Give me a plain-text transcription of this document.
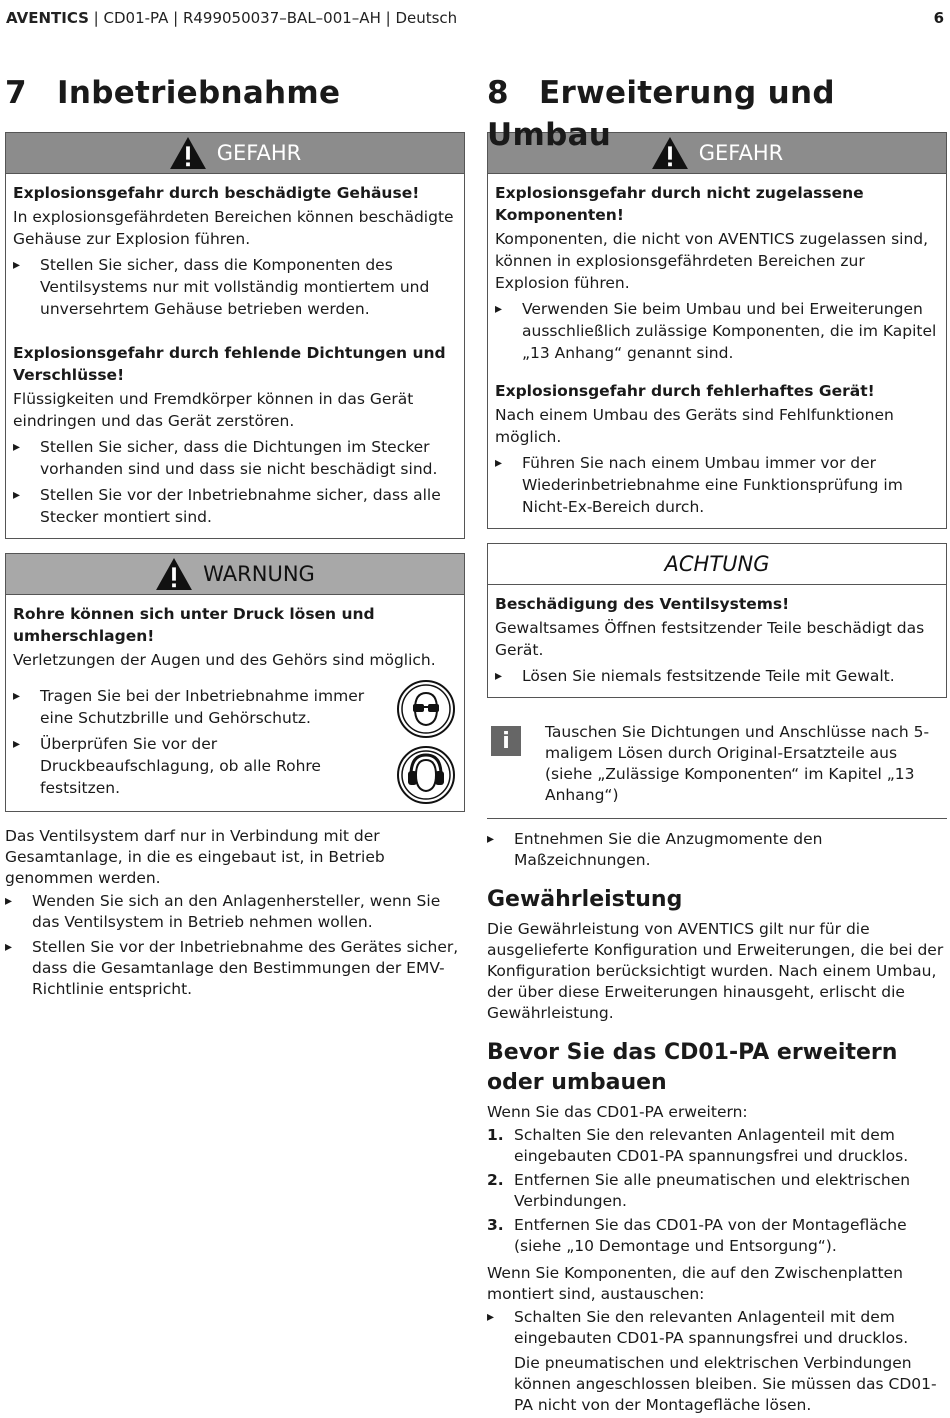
AVENTICS | CD01-PA | R499050037–BAL–001–AH | Deutsch	6
7 Inbetriebnahme
GEFAHR
Explosionsgefahr durch beschädigte Gehäuse!

In explosionsgefährdeten Bereichen können beschädigte Gehäuse zur Explosion führen.

▸ Stellen Sie sicher, dass die Komponenten des Ventilsystems nur mit vollständig montiertem und unversehrtem Gehäuse betrieben werden.
Explosionsgefahr durch fehlende Dichtungen und Verschlüsse!

Flüssigkeiten und Fremdkörper können in das Gerät eindringen und das Gerät zerstören.

▸ Stellen Sie sicher, dass die Dichtungen im Stecker vorhanden sind und dass sie nicht beschädigt sind.
▸ Stellen Sie vor der Inbetriebnahme sicher, dass alle Stecker montiert sind.
WARNUNG
Rohre können sich unter Druck lösen und umherschlagen!

Verletzungen der Augen und des Gehörs sind möglich.

▸ Tragen Sie bei der Inbetriebnahme immer eine Schutzbrille und Gehörschutz.
▸ Überprüfen Sie vor der Druckbeaufschlagung, ob alle Rohre festsitzen.

Das Ventilsystem darf nur in Verbindung mit der Gesamtanlage, in die es eingebaut ist, in Betrieb genommen werden.

▸ Wenden Sie sich an den Anlagenhersteller, wenn Sie das Ventilsystem in Betrieb nehmen wollen.
▸ Stellen Sie vor der Inbetriebnahme des Gerätes sicher, dass die Gesamtanlage den Bestimmungen der EMV-Richtlinie entspricht.
8 Erweiterung und Umbau	GEFAHR
Explosionsgefahr durch nicht zugelassene Komponenten!

Komponenten, die nicht von AVENTICS zugelassen sind, können in explosionsgefährdeten Bereichen zur Explosion führen.

▸ Verwenden Sie beim Umbau und bei Erweiterungen ausschließlich zulässige Komponenten, die im Kapitel „13 Anhang“ genannt sind.
Explosionsgefahr durch fehlerhaftes Gerät!

Nach einem Umbau des Geräts sind Fehlfunktionen möglich.

▸ Führen Sie nach einem Umbau immer vor der Wiederinbetriebnahme eine Funktionsprüfung im Nicht-Ex-Bereich durch.
ACHTUNG
Beschädigung des Ventilsystems!

Gewaltsames Öffnen festsitzender Teile beschädigt das Gerät.

▸ Lösen Sie niemals festsitzende Teile mit Gewalt.
i	Tauschen Sie Dichtungen und Anschlüsse nach 5-maligem Lösen durch Original-Ersatzteile aus (siehe „Zulässige Komponenten“ im Kapitel „13 Anhang“)
▸ Entnehmen Sie die Anzugmomente den Maßzeichnungen.
Gewährleistung

Die Gewährleistung von AVENTICS gilt nur für die ausgelieferte Konfiguration und Erweiterungen, die bei der Konfiguration berücksichtigt wurden. Nach einem Umbau, der über diese Erweiterungen hinausgeht, erlischt die Gewährleistung.

Bevor Sie das CD01-PA erweitern oder umbauen

Wenn Sie das CD01-PA erweitern:

1. Schalten Sie den relevanten Anlagenteil mit dem eingebauten CD01-PA spannungsfrei und drucklos.
2. Entfernen Sie alle pneumatischen und elektrischen Verbindungen.
3. Entfernen Sie das CD01-PA von der Montagefläche (siehe „10 Demontage und Entsorgung“).

Wenn Sie Komponenten, die auf den Zwischenplatten montiert sind, austauschen:

▸ Schalten Sie den relevanten Anlagenteil mit dem eingebauten CD01-PA spannungsfrei und drucklos.

Die pneumatischen und elektrischen Verbindungen können angeschlossen bleiben. Sie müssen das CD01-PA nicht von der Montagefläche lösen.
